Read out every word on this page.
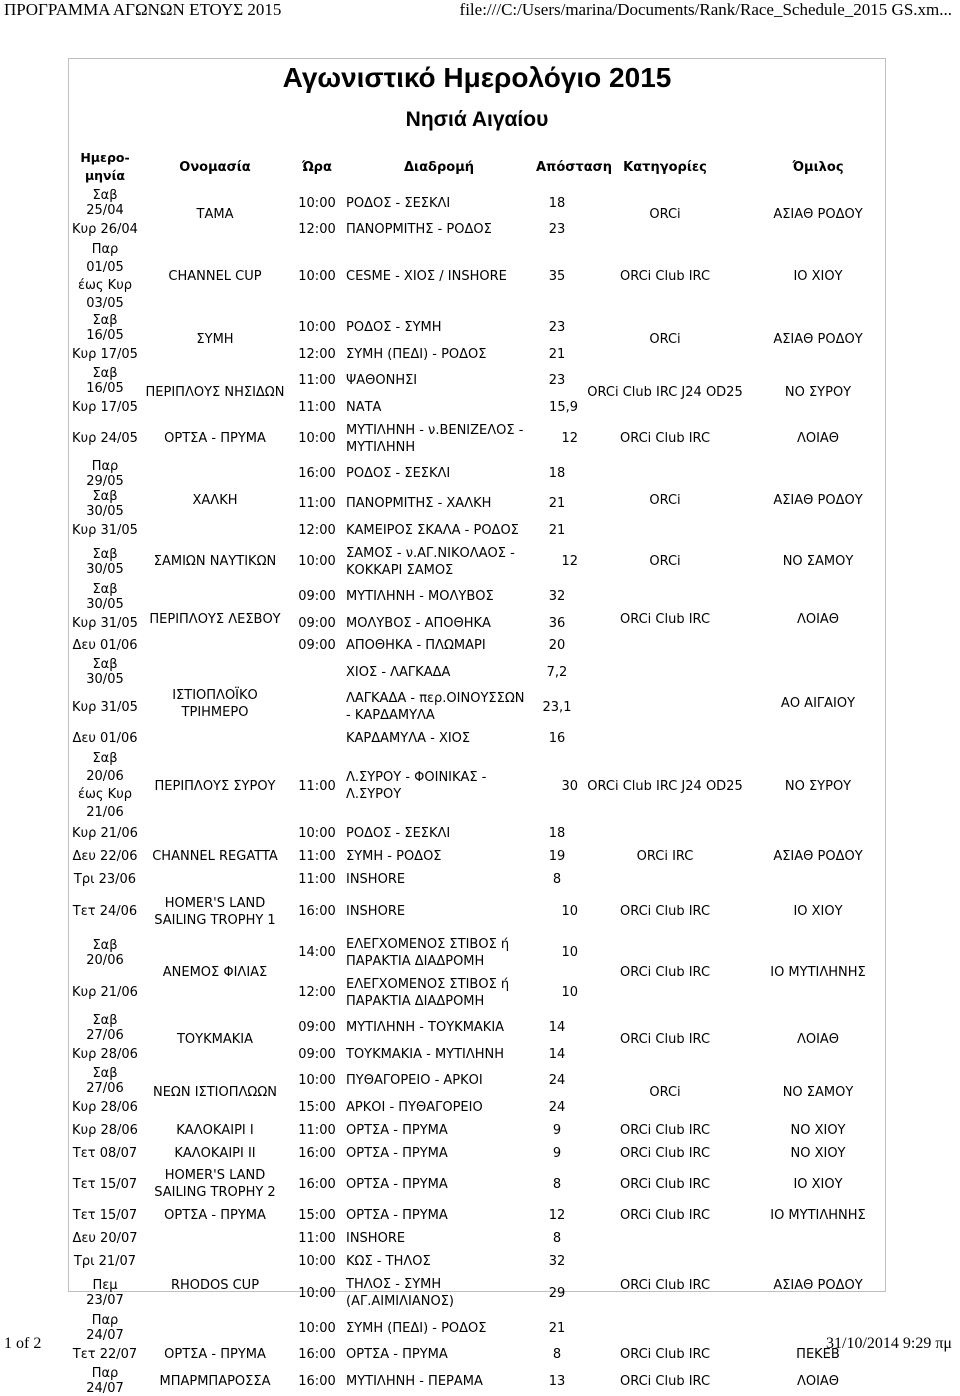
ΠΡΟΓΡΑΜΜΑ ΑΓΩΝΩΝ ΕΤΟΥΣ 2015	file:///C:/Users/marina/Documents/Rank/Race_Schedule_2015 GS.xm...
Αγωνιστικό Ημερολόγιο 2015
Νησιά Αιγαίου
Ημερο-μηνία	Ονομασία	Ώρα	Διαδρομή	Απόσταση	Κατηγορίες	Όμιλος
Σαβ 25/04	ΤΑΜΑ	10:00	ΡΟΔΟΣ - ΣΕΣΚΛΙ	18	ORCi	ΑΣΙΑΘ ΡΟΔΟΥ
Κυρ 26/04		12:00	ΠΑΝΟΡΜΙΤΗΣ - ΡΟΔΟΣ	23		
Παρ 01/05 έως Κυρ 03/05	CHANNEL CUP	10:00	CESME - ΧΙΟΣ / INSHORE	35	ORCi Club IRC	ΙΟ ΧΙΟΥ
Σαβ 16/05	ΣΥΜΗ	10:00	ΡΟΔΟΣ - ΣΥΜΗ	23	ORCi	ΑΣΙΑΘ ΡΟΔΟΥ
Κυρ 17/05		12:00	ΣΥΜΗ (ΠΕΔΙ) - ΡΟΔΟΣ	21		
Σαβ 16/05	ΠΕΡΙΠΛΟΥΣ ΝΗΣΙΔΩΝ	11:00	ΨΑΘΟΝΗΣΙ	23	ORCi Club IRC J24 OD25	ΝΟ ΣΥΡΟΥ
Κυρ 17/05		11:00	ΝΑΤΑ	15,9		
Κυρ 24/05	ΟΡΤΣΑ - ΠΡΥΜΑ	10:00	ΜΥΤΙΛΗΝΗ - ν.ΒΕΝΙΖΕΛΟΣ - ΜΥΤΙΛΗΝΗ	12	ORCi Club IRC	ΛΟΙΑΘ
Παρ 29/05	ΧΑΛΚΗ	16:00	ΡΟΔΟΣ - ΣΕΣΚΛΙ	18	ORCi	ΑΣΙΑΘ ΡΟΔΟΥ
Σαβ 30/05		11:00	ΠΑΝΟΡΜΙΤΗΣ - ΧΑΛΚΗ	21		
Κυρ 31/05		12:00	ΚΑΜΕΙΡΟΣ ΣΚΑΛΑ - ΡΟΔΟΣ	21		
Σαβ 30/05	ΣΑΜΙΩΝ ΝΑΥΤΙΚΩΝ	10:00	ΣΑΜΟΣ - ν.ΑΓ.ΝΙΚΟΛΑΟΣ - ΚΟΚΚΑΡΙ ΣΑΜΟΣ	12	ORCi	ΝΟ ΣΑΜΟΥ
Σαβ 30/05	ΠΕΡΙΠΛΟΥΣ ΛΕΣΒΟΥ	09:00	ΜΥΤΙΛΗΝΗ - ΜΟΛΥΒΟΣ	32	ORCi Club IRC	ΛΟΙΑΘ
Κυρ 31/05		09:00	ΜΟΛΥΒΟΣ - ΑΠΟΘΗΚΑ	36		
Δευ 01/06		09:00	ΑΠΟΘΗΚΑ - ΠΛΩΜΑΡΙ	20		
Σαβ 30/05	ΙΣΤΙΟΠΛΟΪΚΟ ΤΡΙΗΜΕΡΟ		ΧΙΟΣ - ΛΑΓΚΑΔΑ	7,2		ΑΟ ΑΙΓΑΙΟΥ
Κυρ 31/05			ΛΑΓΚΑΔΑ - περ.ΟΙΝΟΥΣΣΩΝ - ΚΑΡΔΑΜΥΛΑ	23,1		
Δευ 01/06			ΚΑΡΔΑΜΥΛΑ - ΧΙΟΣ	16		
Σαβ 20/06 έως Κυρ 21/06	ΠΕΡΙΠΛΟΥΣ ΣΥΡΟΥ	11:00	Λ.ΣΥΡΟΥ - ΦΟΙΝΙΚΑΣ - Λ.ΣΥΡΟΥ	30	ORCi Club IRC J24 OD25	ΝΟ ΣΥΡΟΥ
Κυρ 21/06	CHANNEL REGATTA	10:00	ΡΟΔΟΣ - ΣΕΣΚΛΙ	18	ORCi IRC	ΑΣΙΑΘ ΡΟΔΟΥ
Δευ 22/06		11:00	ΣΥΜΗ - ΡΟΔΟΣ	19		
Τρι 23/06		11:00	INSHORE	8		
Τετ 24/06	HOMER'S LAND SAILING TROPHY 1	16:00	INSHORE	10	ORCi Club IRC	ΙΟ ΧΙΟΥ
Σαβ 20/06	ΑΝΕΜΟΣ ΦΙΛΙΑΣ	14:00	ΕΛΕΓΧΟΜΕΝΟΣ ΣΤΙΒΟΣ ή ΠΑΡΑΚΤΙΑ ΔΙΑΔΡΟΜΗ	10	ORCi Club IRC	ΙΟ ΜΥΤΙΛΗΝΗΣ
Κυρ 21/06		12:00	ΕΛΕΓΧΟΜΕΝΟΣ ΣΤΙΒΟΣ ή ΠΑΡΑΚΤΙΑ ΔΙΑΔΡΟΜΗ	10		
Σαβ 27/06	ΤΟΥΚΜΑΚΙΑ	09:00	ΜΥΤΙΛΗΝΗ - ΤΟΥΚΜΑΚΙΑ	14	ORCi Club IRC	ΛΟΙΑΘ
Κυρ 28/06		09:00	ΤΟΥΚΜΑΚΙΑ - ΜΥΤΙΛΗΝΗ	14		
Σαβ 27/06	ΝΕΩΝ ΙΣΤΙΟΠΛΩΩΝ	10:00	ΠΥΘΑΓΟΡΕΙΟ - ΑΡΚΟΙ	24	ORCi	ΝΟ ΣΑΜΟΥ
Κυρ 28/06		15:00	ΑΡΚΟΙ - ΠΥΘΑΓΟΡΕΙΟ	24		
Κυρ 28/06	ΚΑΛΟΚΑΙΡΙ Ι	11:00	ΟΡΤΣΑ - ΠΡΥΜΑ	9	ORCi Club IRC	ΝΟ ΧΙΟΥ
Τετ 08/07	ΚΑΛΟΚΑΙΡΙ ΙΙ	16:00	ΟΡΤΣΑ - ΠΡΥΜΑ	9	ORCi Club IRC	ΝΟ ΧΙΟΥ
Τετ 15/07	HOMER'S LAND SAILING TROPHY 2	16:00	ΟΡΤΣΑ - ΠΡΥΜΑ	8	ORCi Club IRC	ΙΟ ΧΙΟΥ
Τετ 15/07	ΟΡΤΣΑ - ΠΡΥΜΑ	15:00	ΟΡΤΣΑ - ΠΡΥΜΑ	12	ORCi Club IRC	ΙΟ ΜΥΤΙΛΗΝΗΣ
Δευ 20/07	RHODOS CUP	11:00	INSHORE	8	ORCi Club IRC	ΑΣΙΑΘ ΡΟΔΟΥ
Τρι 21/07		10:00	ΚΩΣ - ΤΗΛΟΣ	32		
Πεμ 23/07		10:00	ΤΗΛΟΣ - ΣΥΜΗ (ΑΓ.ΑΙΜΙΛΙΑΝΟΣ)	29		
Παρ 24/07		10:00	ΣΥΜΗ (ΠΕΔΙ) - ΡΟΔΟΣ	21		
Τετ 22/07	ΟΡΤΣΑ - ΠΡΥΜΑ	16:00	ΟΡΤΣΑ - ΠΡΥΜΑ	8	ORCi Club IRC	ΠΕΚΕΒ
Παρ 24/07	ΜΠΑΡΜΠΑΡΟΣΣΑ	16:00	ΜΥΤΙΛΗΝΗ - ΠΕΡΑΜΑ	13	ORCi Club IRC	ΛΟΙΑΘ
1 of 2	31/10/2014 9:29 πμ
